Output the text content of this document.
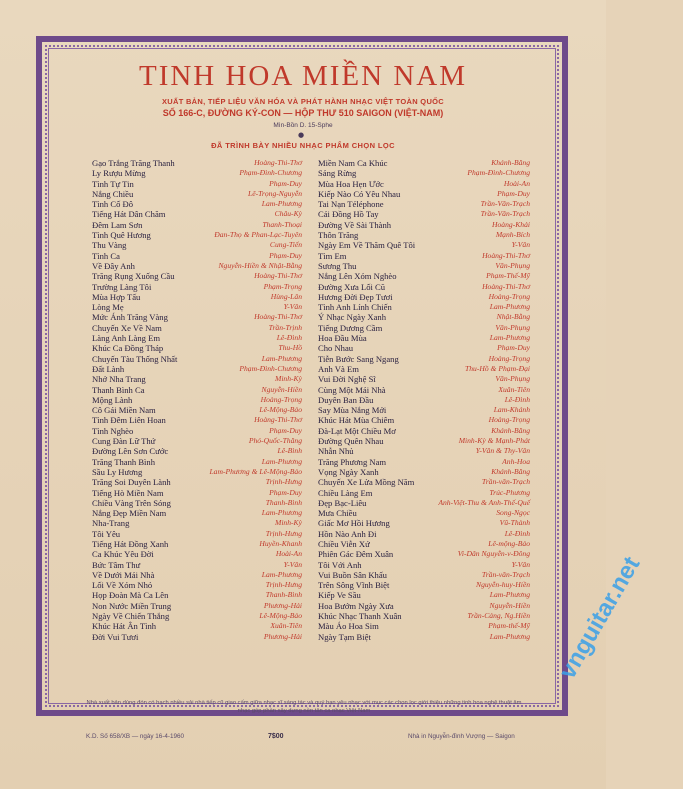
TINH HOA MIỀN NAM
XUẤT BẢN, TIẾP LIỆU VĂN HÓA VÀ PHÁT HÀNH NHẠC VIỆT TOÀN QUỐC
SỐ 166-C, ĐƯỜNG KÝ-CON — HỘP THƯ 510 SAIGON (VIỆT-NAM)
Mìn-Bồn D. 15-Sphe
●
ĐÃ TRÌNH BÀY NHIỀU NHẠC PHẨM CHỌN LỌC
Gạo Trắng Trăng Thanh	Hoàng-Thi-Thơ
Ly Rượu Mừng	Phạm-Đình-Chương
Tình Tự Tin	Phạm-Duy
Nắng Chiều	Lê-Trọng-Nguyễn
Tình Cố Đô	Lam-Phương
Tiếng Hát Dân Chăm	Châu-Kỳ
Đêm Lam Sơn	Thanh-Thoại
Tình Quê Hương	Đan-Thọ & Phan-Lạc-Tuyên
Thu Vàng	Cung-Tiến
Tình Ca	Phạm-Duy
Về Đây Anh	Nguyễn-Hiền & Nhật-Bằng
Trăng Rụng Xuống Cầu	Hoàng-Thi-Thơ
Trường Làng Tôi	Phạm-Trọng
Mùa Hợp Tấu	Hùng-Lân
Lòng Mẹ	Y-Vân
Mức Ánh Trăng Vàng	Hoàng-Thi-Thơ
Chuyến Xe Về Nam	Trần-Trịnh
Làng Anh Làng Em	Lê-Đình
Khúc Ca Đồng Tháp	Thu-Hồ
Chuyến Tàu Thống Nhất	Lam-Phương
Đất Lành	Phạm-Đình-Chương
Nhớ Nha Trang	Minh-Kỳ
Thanh Bình Ca	Nguyễn-Hiền
Mộng Lành	Hoàng-Trọng
Cô Gái Miền Nam	Lê-Mộng-Bảo
Tình Đêm Liên Hoan	Hoàng-Thi-Thơ
Tình Nghèo	Phạm-Duy
Cung Đàn Lữ Thứ	Phó-Quốc-Thăng
Đường Lên Sơn Cước	Lê-Bình
Trăng Thanh Bình	Lam-Phương
Sầu Ly Hương	Lam-Phương & Lê-Mộng-Bảo
Trăng Soi Duyên Lành	Trịnh-Hưng
Tiếng Hò Miền Nam	Phạm-Duy
Chiều Vàng Trên Sóng	Thanh-Bình
Nắng Đẹp Miền Nam	Lam-Phương
Nha-Trang	Minh-Kỳ
Tôi Yêu	Trịnh-Hưng
Tiếng Hát Đồng Xanh	Huyền-Khanh
Ca Khúc Yêu Đời	Hoài-An
Bức Tâm Thư	Y-Vân
Về Dưới Mái Nhà	Lam-Phương
Lối Về Xóm Nhỏ	Trịnh-Hưng
Họp Đoàn Mà Ca Lên	Thanh-Bình
Non Nước Miền Trung	Phương-Hải
Ngày Về Chiến Thắng	Lê-Mộng-Bảo
Khúc Hát Ân Tình	Xuân-Tiên
Đời Vui Tươi	Phương-Hải
Miền Nam Ca Khúc	Khánh-Băng
Sáng Rừng	Phạm-Đình-Chương
Mùa Hoa Hẹn Ước	Hoài-An
Kiếp Nào Có Yêu Nhau	Phạm-Duy
Tai Nạn Téléphone	Trần-Văn-Trạch
Cái Đồng Hồ Tay	Trần-Văn-Trạch
Đường Về Sài Thành	Hoàng-Khải
Thôn Trăng	Mạnh-Bích
Ngày Em Về Thăm Quê Tôi	Y-Vân
Tìm Em	Hoàng-Thi-Thơ
Sương Thu	Văn-Phụng
Nắng Lên Xóm Nghèo	Phạm-Thế-Mỹ
Đường Xưa Lối Cũ	Hoàng-Thi-Thơ
Hương Đời Đẹp Tươi	Hoàng-Trọng
Tình Anh Lính Chiến	Lam-Phương
Ý Nhạc Ngày Xanh	Nhật-Bằng
Tiếng Dương Cầm	Văn-Phụng
Hoa Đầu Mùa	Lam-Phương
Cho Nhau	Phạm-Duy
Tiễn Bước Sang Ngang	Hoàng-Trọng
Anh Và Em	Thu-Hồ & Phạm-Đại
Vui Đời Nghệ Sĩ	Văn-Phụng
Cùng Một Mái Nhà	Xuân-Tiên
Duyên Ban Đầu	Lê-Đình
Say Mùa Nắng Mới	Lam-Khánh
Khúc Hát Mùa Chiêm	Hoàng-Trọng
Đà-Lạt Một Chiều Mơ	Khánh-Băng
Đường Quên Nhau	Minh-Kỳ & Mạnh-Phát
Nhẫn Nhủ	Y-Vân & Thy-Vân
Trăng Phương Nam	Anh-Hoa
Vọng Ngày Xanh	Khánh-Băng
Chuyến Xe Lửa Mồng Năm	Trần-văn-Trạch
Chiều Làng Em	Trúc-Phương
Đẹp Bạc-Liêu	Anh-Việt-Thu & Anh-Thế-Quế
Mưa Chiều	Song-Ngọc
Giấc Mơ Hồi Hương	Vũ-Thành
Hồn Nào Anh Đi	Lê-Đình
Chiều Viễn Xứ	Lê-mộng-Bảo
Phiên Gác Đêm Xuân	Vi-Dân Nguyễn-v-Đông
Tôi Với Anh	Y-Vân
Vui Buồn Sân Khấu	Trần-văn-Trạch
Trên Sông Vĩnh Biệt	Nguyễn-huy-Hiền
Kiếp Ve Sầu	Lam-Phương
Hoa Bướm Ngày Xưa	Nguyễn-Hiền
Khúc Nhạc Thanh Xuân	Trần-Cảng, Ng.Hiền
Màu Áo Hoa Sim	Phạm-thế-Mỹ
Ngày Tạm Biệt	Lam-Phương
Nhà xuất bản dùng đón có hạch nhiều sải nhà tiếp cũ giao cấm giữa nhạc sĩ sáng tác và quý bạn yêu nhạc với mục các chọn lọc giới thiệu những tinh hoa nghệ thuật âm nhạc góp phần xây dựng nền tân ca nhạc Việt-Nam
K.D. Số 658/XB — ngày 16-4-1960	7$00	Nhà in Nguyễn-đình Vượng — Saigon
vnguitar.net
